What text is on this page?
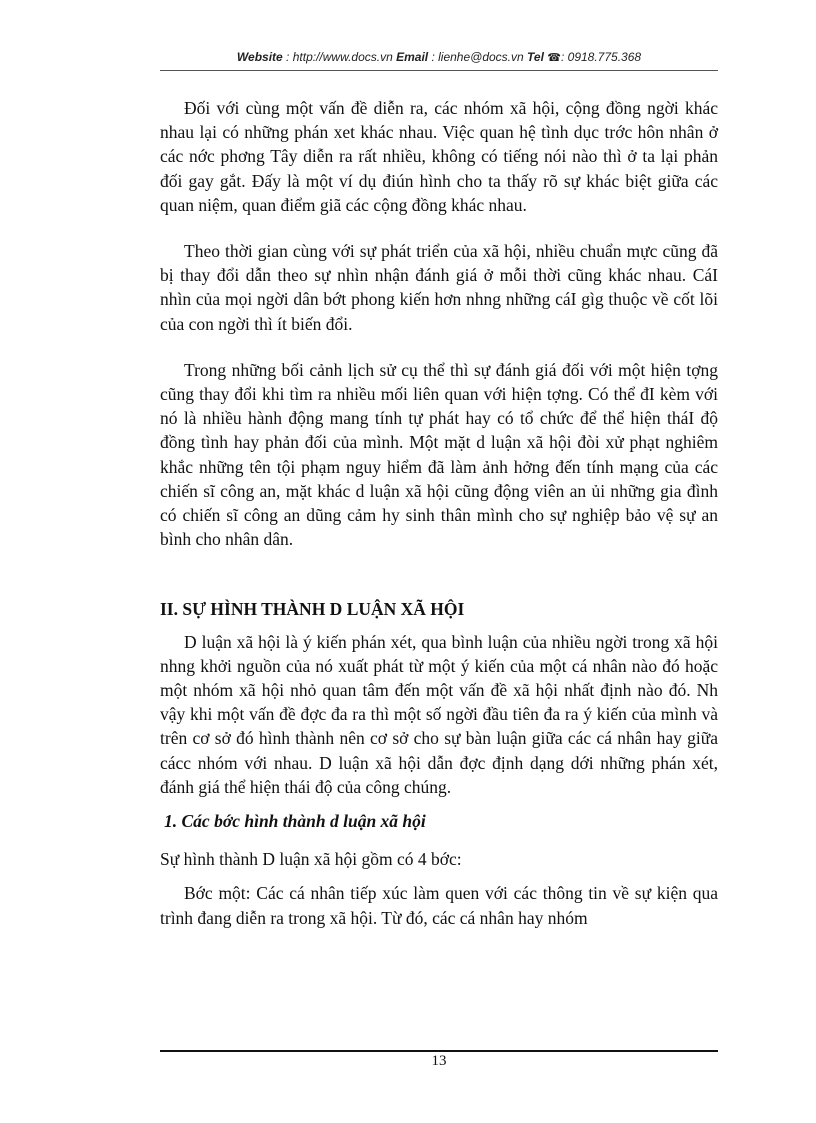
Website : http://www.docs.vn Email : lienhe@docs.vn Tel ☎: 0918.775.368

Đối với cùng một vấn đề diễn ra, các nhóm xã hội, cộng đồng ngời khác nhau lại có những phán xet khác nhau. Việc quan hệ tình dục trớc hôn nhân ở các nớc phơng Tây diễn ra rất nhiều, không có tiếng nói nào thì ở ta lại phản đối gay gắt. Đấy là một ví dụ điún hình cho ta thấy rõ sự khác biệt giữa các quan niệm, quan điểm giã các cộng đồng khác nhau.

Theo thời gian cùng với sự phát triển của xã hội, nhiều chuẩn mực cũng đã bị thay đổi dẫn theo sự nhìn nhận đánh giá ở mỗi thời cũng khác nhau. CáI nhìn của mọi ngời dân bớt phong kiến hơn nhng những cáI gìg thuộc về cốt lõi của con ngời thì ít biến đổi.

Trong những bối cảnh lịch sử cụ thể thì sự đánh giá đối với một hiện tợng cũng thay đổi khi tìm ra nhiều mối liên quan với hiện tợng. Có thể đI kèm với nó là nhiều hành động mang tính tự phát hay có tổ chức để thể hiện tháI độ đồng tình hay phản đối của mình. Một mặt d luận xã hội đòi xử phạt nghiêm khắc những tên tội phạm nguy hiểm đã làm ảnh hởng đến tính mạng của các chiến sĩ công an, mặt khác d luận xã hội cũng động viên an ủi những gia đình có chiến sĩ công an dũng cảm hy sinh thân mình cho sự nghiệp bảo vệ sự an bình cho nhân dân.

II. SỰ HÌNH THÀNH D LUẬN XÃ HỘI

D luận xã hội là ý kiến phán xét, qua bình luận của nhiều ngời trong xã hội nhng khởi nguồn của nó xuất phát từ một ý kiến của một cá nhân nào đó hoặc một nhóm xã hội nhỏ quan tâm đến một vấn đề xã hội nhất định nào đó. Nh vậy khi một vấn đề đợc đa ra thì một số ngời đầu tiên đa ra ý kiến của mình và trên cơ sở đó hình thành nên cơ sở cho sự bàn luận giữa các cá nhân hay giữa cácc nhóm với nhau. D luận xã hội dẫn đợc định dạng dới những phán xét, đánh giá thể hiện thái độ của công chúng.

1. Các bớc hình thành d luận xã hội

Sự hình thành D luận xã hội gồm có 4 bớc:

Bớc một: Các cá nhân tiếp xúc làm quen với các thông tin về sự kiện qua trình đang diễn ra trong xã hội. Từ đó, các cá nhân hay nhóm

13
